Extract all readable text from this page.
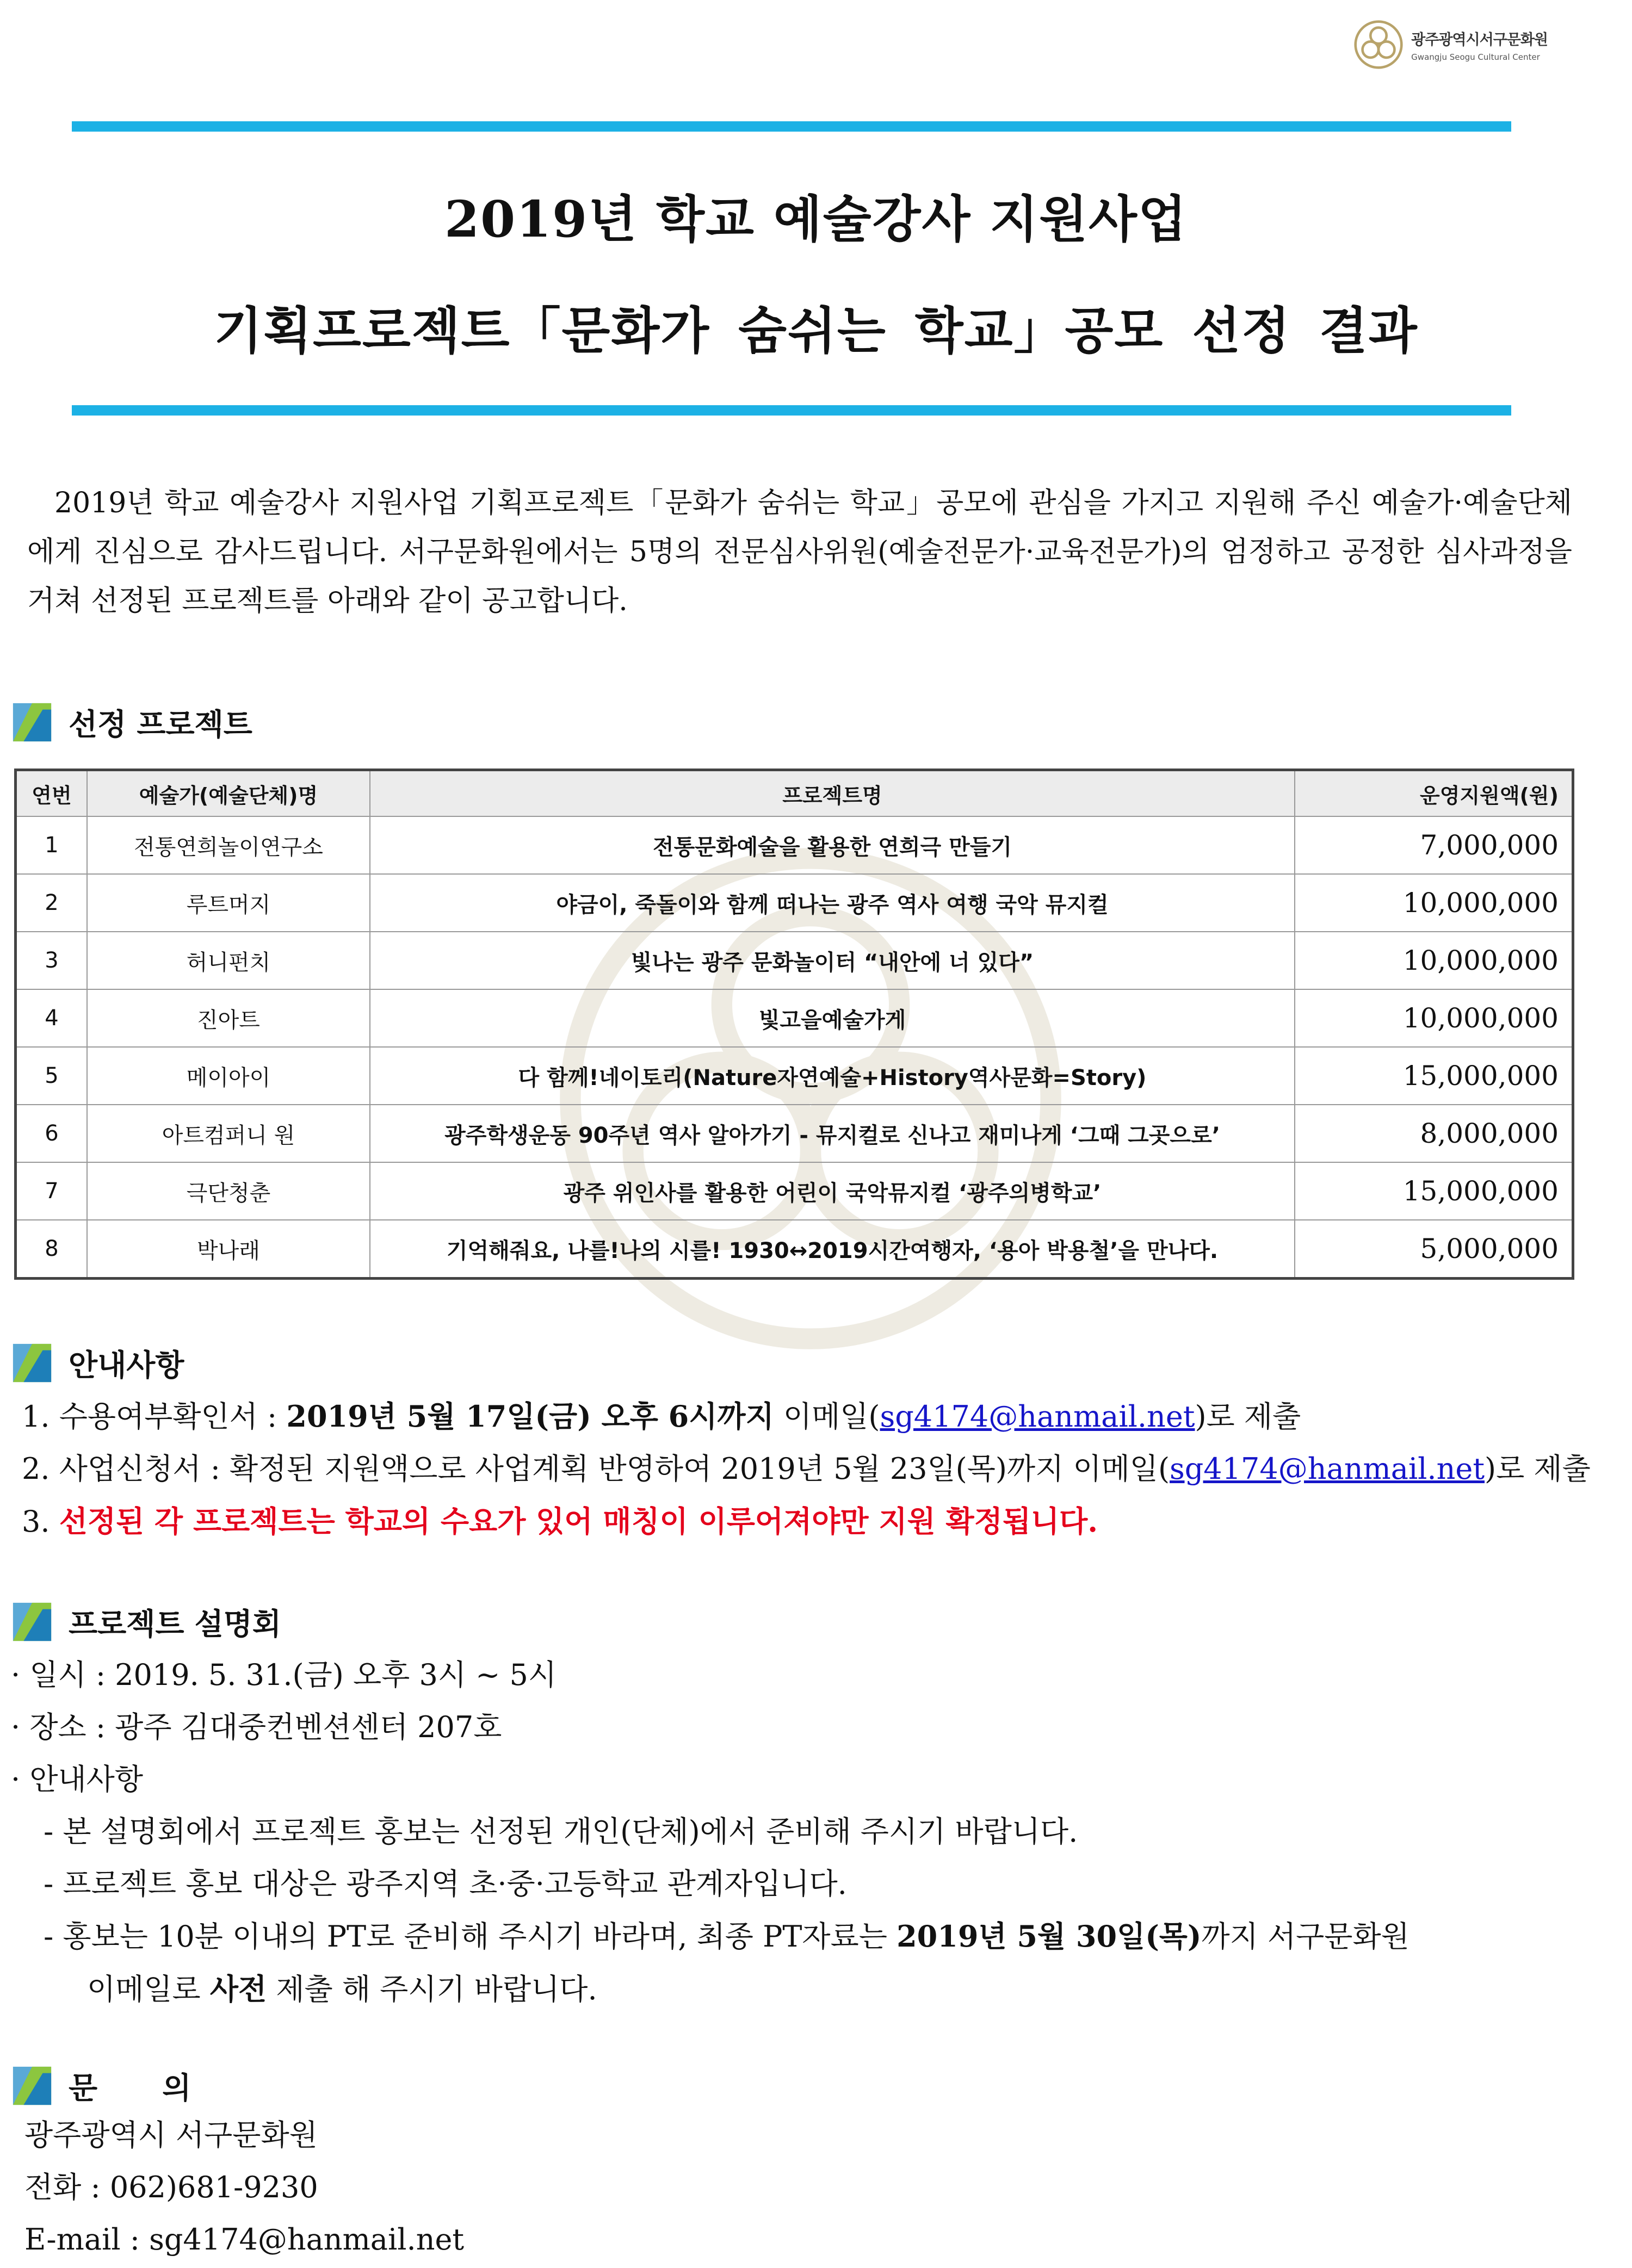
광주광역시서구문화원
Gwangju Seogu Cultural Center
2019년 학교 예술강사 지원사업
기획프로젝트「문화가 숨쉬는 학교」공모 선정 결과
2019년 학교 예술강사 지원사업 기획프로젝트「문화가 숨쉬는 학교」공모에 관심을 가지고 지원해 주신 예술가·예술단체에게 진심으로 감사드립니다. 서구문화원에서는 5명의 전문심사위원(예술전문가·교육전문가)의 엄정하고 공정한 심사과정을 거쳐 선정된 프로젝트를 아래와 같이 공고합니다.
선정 프로젝트
연번	예술가(예술단체)명	프로젝트명	운영지원액(원)
1	전통연희놀이연구소	전통문화예술을 활용한 연희극 만들기	7,000,000
2	루트머지	야금이, 죽돌이와 함께 떠나는 광주 역사 여행 국악 뮤지컬	10,000,000
3	허니펀치	빛나는 광주 문화놀이터 “내안에 너 있다”	10,000,000
4	진아트	빛고을예술가게	10,000,000
5	메이아이	다 함께!네이토리(Nature자연예술+History역사문화=Story)	15,000,000
6	아트컴퍼니 원	광주학생운동 90주년 역사 알아가기 - 뮤지컬로 신나고 재미나게 ‘그때 그곳으로’	8,000,000
7	극단청춘	광주 위인사를 활용한 어린이 국악뮤지컬 ‘광주의병학교’	15,000,000
8	박나래	기억해줘요, 나를!나의 시를! 1930↔2019시간여행자, ‘용아 박용철’을 만나다.	5,000,000
안내사항
1. 수용여부확인서 : 2019년 5월 17일(금) 오후 6시까지 이메일(sg4174@hanmail.net)로 제출
2. 사업신청서 : 확정된 지원액으로 사업계획 반영하여 2019년 5월 23일(목)까지 이메일(sg4174@hanmail.net)로 제출
3. 선정된 각 프로젝트는 학교의 수요가 있어 매칭이 이루어져야만 지원 확정됩니다.
프로젝트 설명회
· 일시 : 2019. 5. 31.(금) 오후 3시 ~ 5시
· 장소 : 광주 김대중컨벤션센터 207호
· 안내사항
- 본 설명회에서 프로젝트 홍보는 선정된 개인(단체)에서 준비해 주시기 바랍니다.
- 프로젝트 홍보 대상은 광주지역 초·중·고등학교 관계자입니다.
- 홍보는 10분 이내의 PT로 준비해 주시기 바라며, 최종 PT자료는 2019년 5월 30일(목)까지 서구문화원
이메일로 사전 제출 해 주시기 바랍니다.
문 의
광주광역시 서구문화원
전화 : 062)681-9230
E-mail : sg4174@hanmail.net
